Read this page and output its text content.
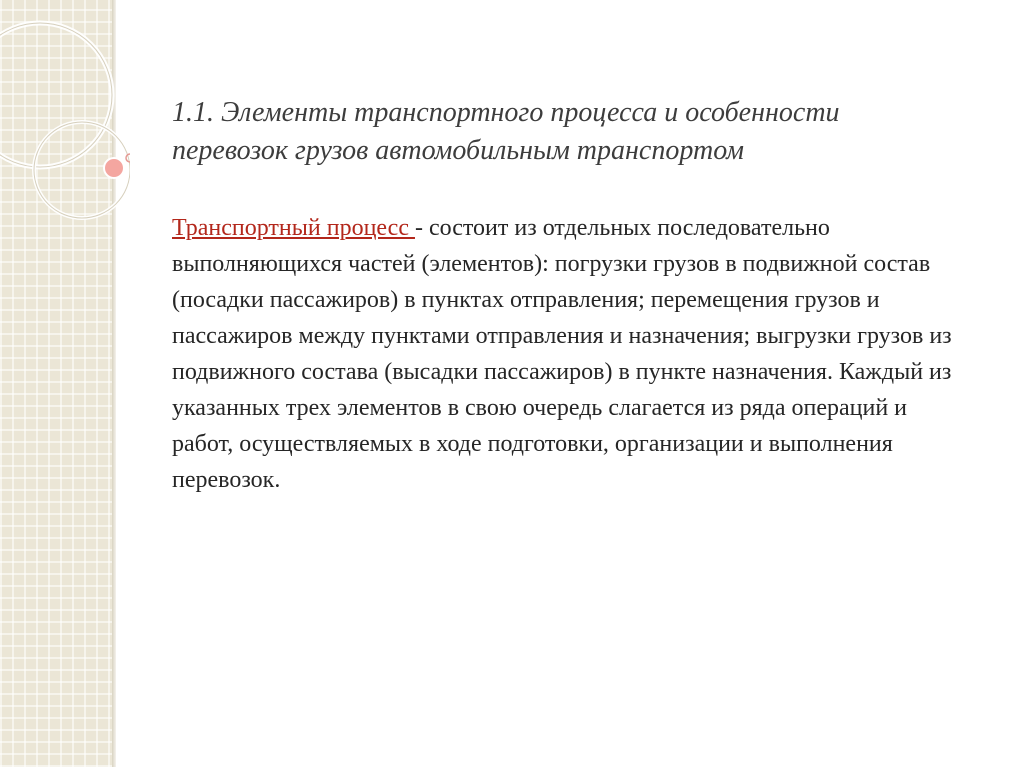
1.1. Элементы транспортного процесса и особенности
перевозок грузов автомобильным транспортом
Транспортный процесс - состоит из отдельных последовательно выполняющихся частей (элементов): погрузки грузов в подвижной состав (посадки пассажиров) в пунктах отправления; перемещения грузов и пассажиров между пунктами отправления и назначения; выгрузки грузов из подвижного состава (высадки пассажиров) в пункте назначения. Каждый из указанных трех элементов в свою очередь слагается из ряда операций и работ, осуществляемых в ходе подготовки, организации и выполнения перевозок.
